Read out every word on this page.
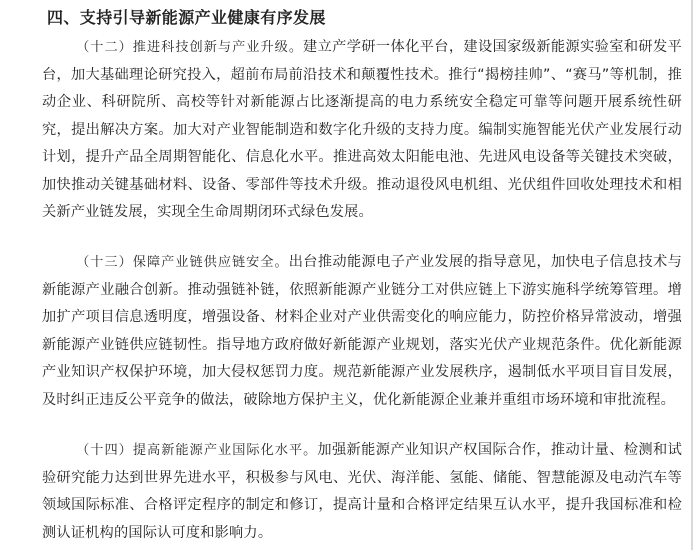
四、支持引导新能源产业健康有序发展

（十二）推进科技创新与产业升级。建立产学研一体化平台，建设国家级新能源实验室和研发平台，加大基础理论研究投入，超前布局前沿技术和颠覆性技术。推行“揭榜挂帅”、“赛马”等机制，推动企业、科研院所、高校等针对新能源占比逐渐提高的电力系统安全稳定可靠等问题开展系统性研究，提出解决方案。加大对产业智能制造和数字化升级的支持力度。编制实施智能光伏产业发展行动计划，提升产品全周期智能化、信息化水平。推进高效太阳能电池、先进风电设备等关键技术突破，加快推动关键基础材料、设备、零部件等技术升级。推动退役风电机组、光伏组件回收处理技术和相关新产业链发展，实现全生命周期闭环式绿色发展。

（十三）保障产业链供应链安全。出台推动能源电子产业发展的指导意见，加快电子信息技术与新能源产业融合创新。推动强链补链，依照新能源产业链分工对供应链上下游实施科学统筹管理。增加扩产项目信息透明度，增强设备、材料企业对产业供需变化的响应能力，防控价格异常波动，增强新能源产业链供应链韧性。指导地方政府做好新能源产业规划，落实光伏产业规范条件。优化新能源产业知识产权保护环境，加大侵权惩罚力度。规范新能源产业发展秩序，遏制低水平项目盲目发展，及时纠正违反公平竞争的做法，破除地方保护主义，优化新能源企业兼并重组市场环境和审批流程。

（十四）提高新能源产业国际化水平。加强新能源产业知识产权国际合作，推动计量、检测和试验研究能力达到世界先进水平，积极参与风电、光伏、海洋能、氢能、储能、智慧能源及电动汽车等领域国际标准、合格评定程序的制定和修订，提高计量和合格评定结果互认水平，提升我国标准和检测认证机构的国际认可度和影响力。
